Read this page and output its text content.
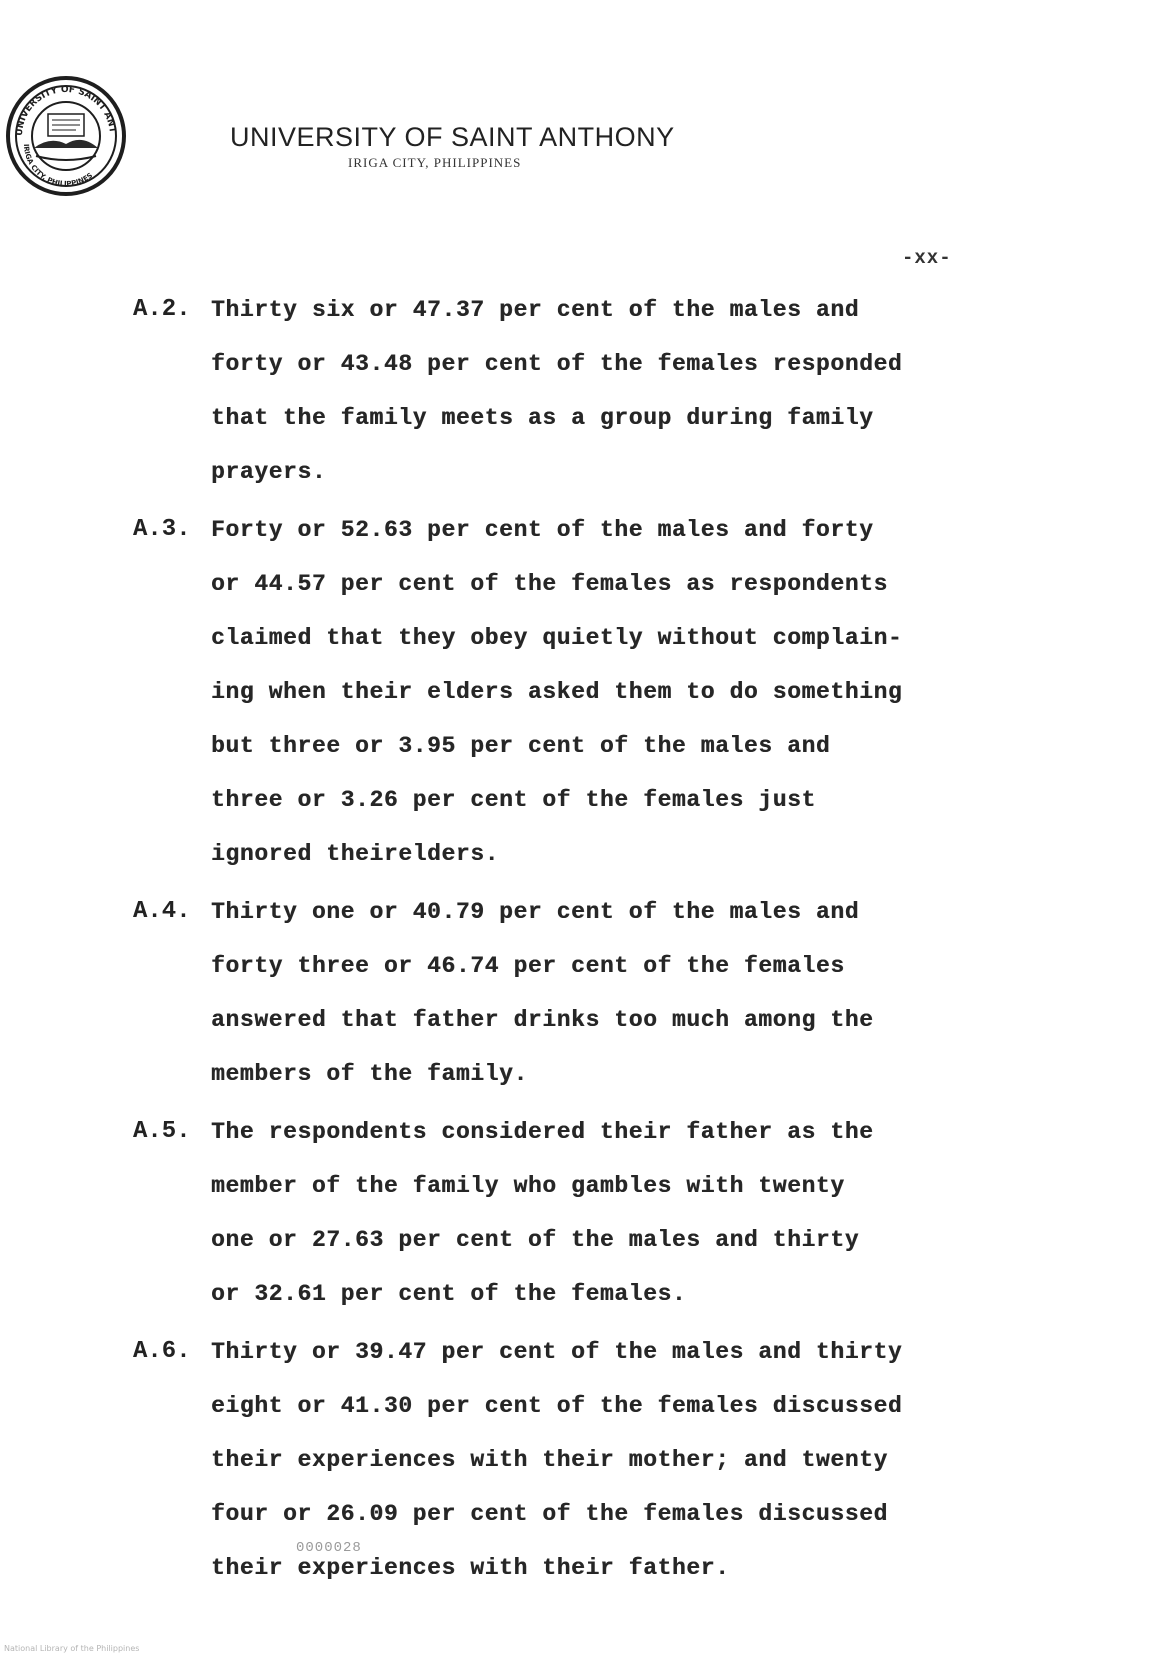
UNIVERSITY OF SAINT ANT
IRIGA CITY, PHILIPPINES
UNIVERSITY OF SAINT ANTHONY
IRIGA CITY, PHILIPPINES
-xx-
A.2. Thirty six or 47.37 per cent of the males and
forty or 43.48 per cent of the females responded
that the family meets as a group during family
prayers.
A.3. Forty or 52.63 per cent of the males and forty
or 44.57 per cent of the females as respondents
claimed that they obey quietly without complain-
ing when their elders asked them to do something
but three or 3.95 per cent of the males and
three or 3.26 per cent of the females just
ignored theirelders.
A.4. Thirty one or 40.79 per cent of the males and
forty three or 46.74 per cent of the females
answered that father drinks too much among the
members of the family.
A.5. The respondents considered their father as the
member of the family who gambles with twenty
one or 27.63 per cent of the males and thirty
or 32.61 per cent of the females.
A.6. Thirty or 39.47 per cent of the males and thirty
eight or 41.30 per cent of the females discussed
their experiences with their mother; and twenty
four or 26.09 per cent of the females discussed
their experiences with their father.
0000028
National Library of the Philippines
